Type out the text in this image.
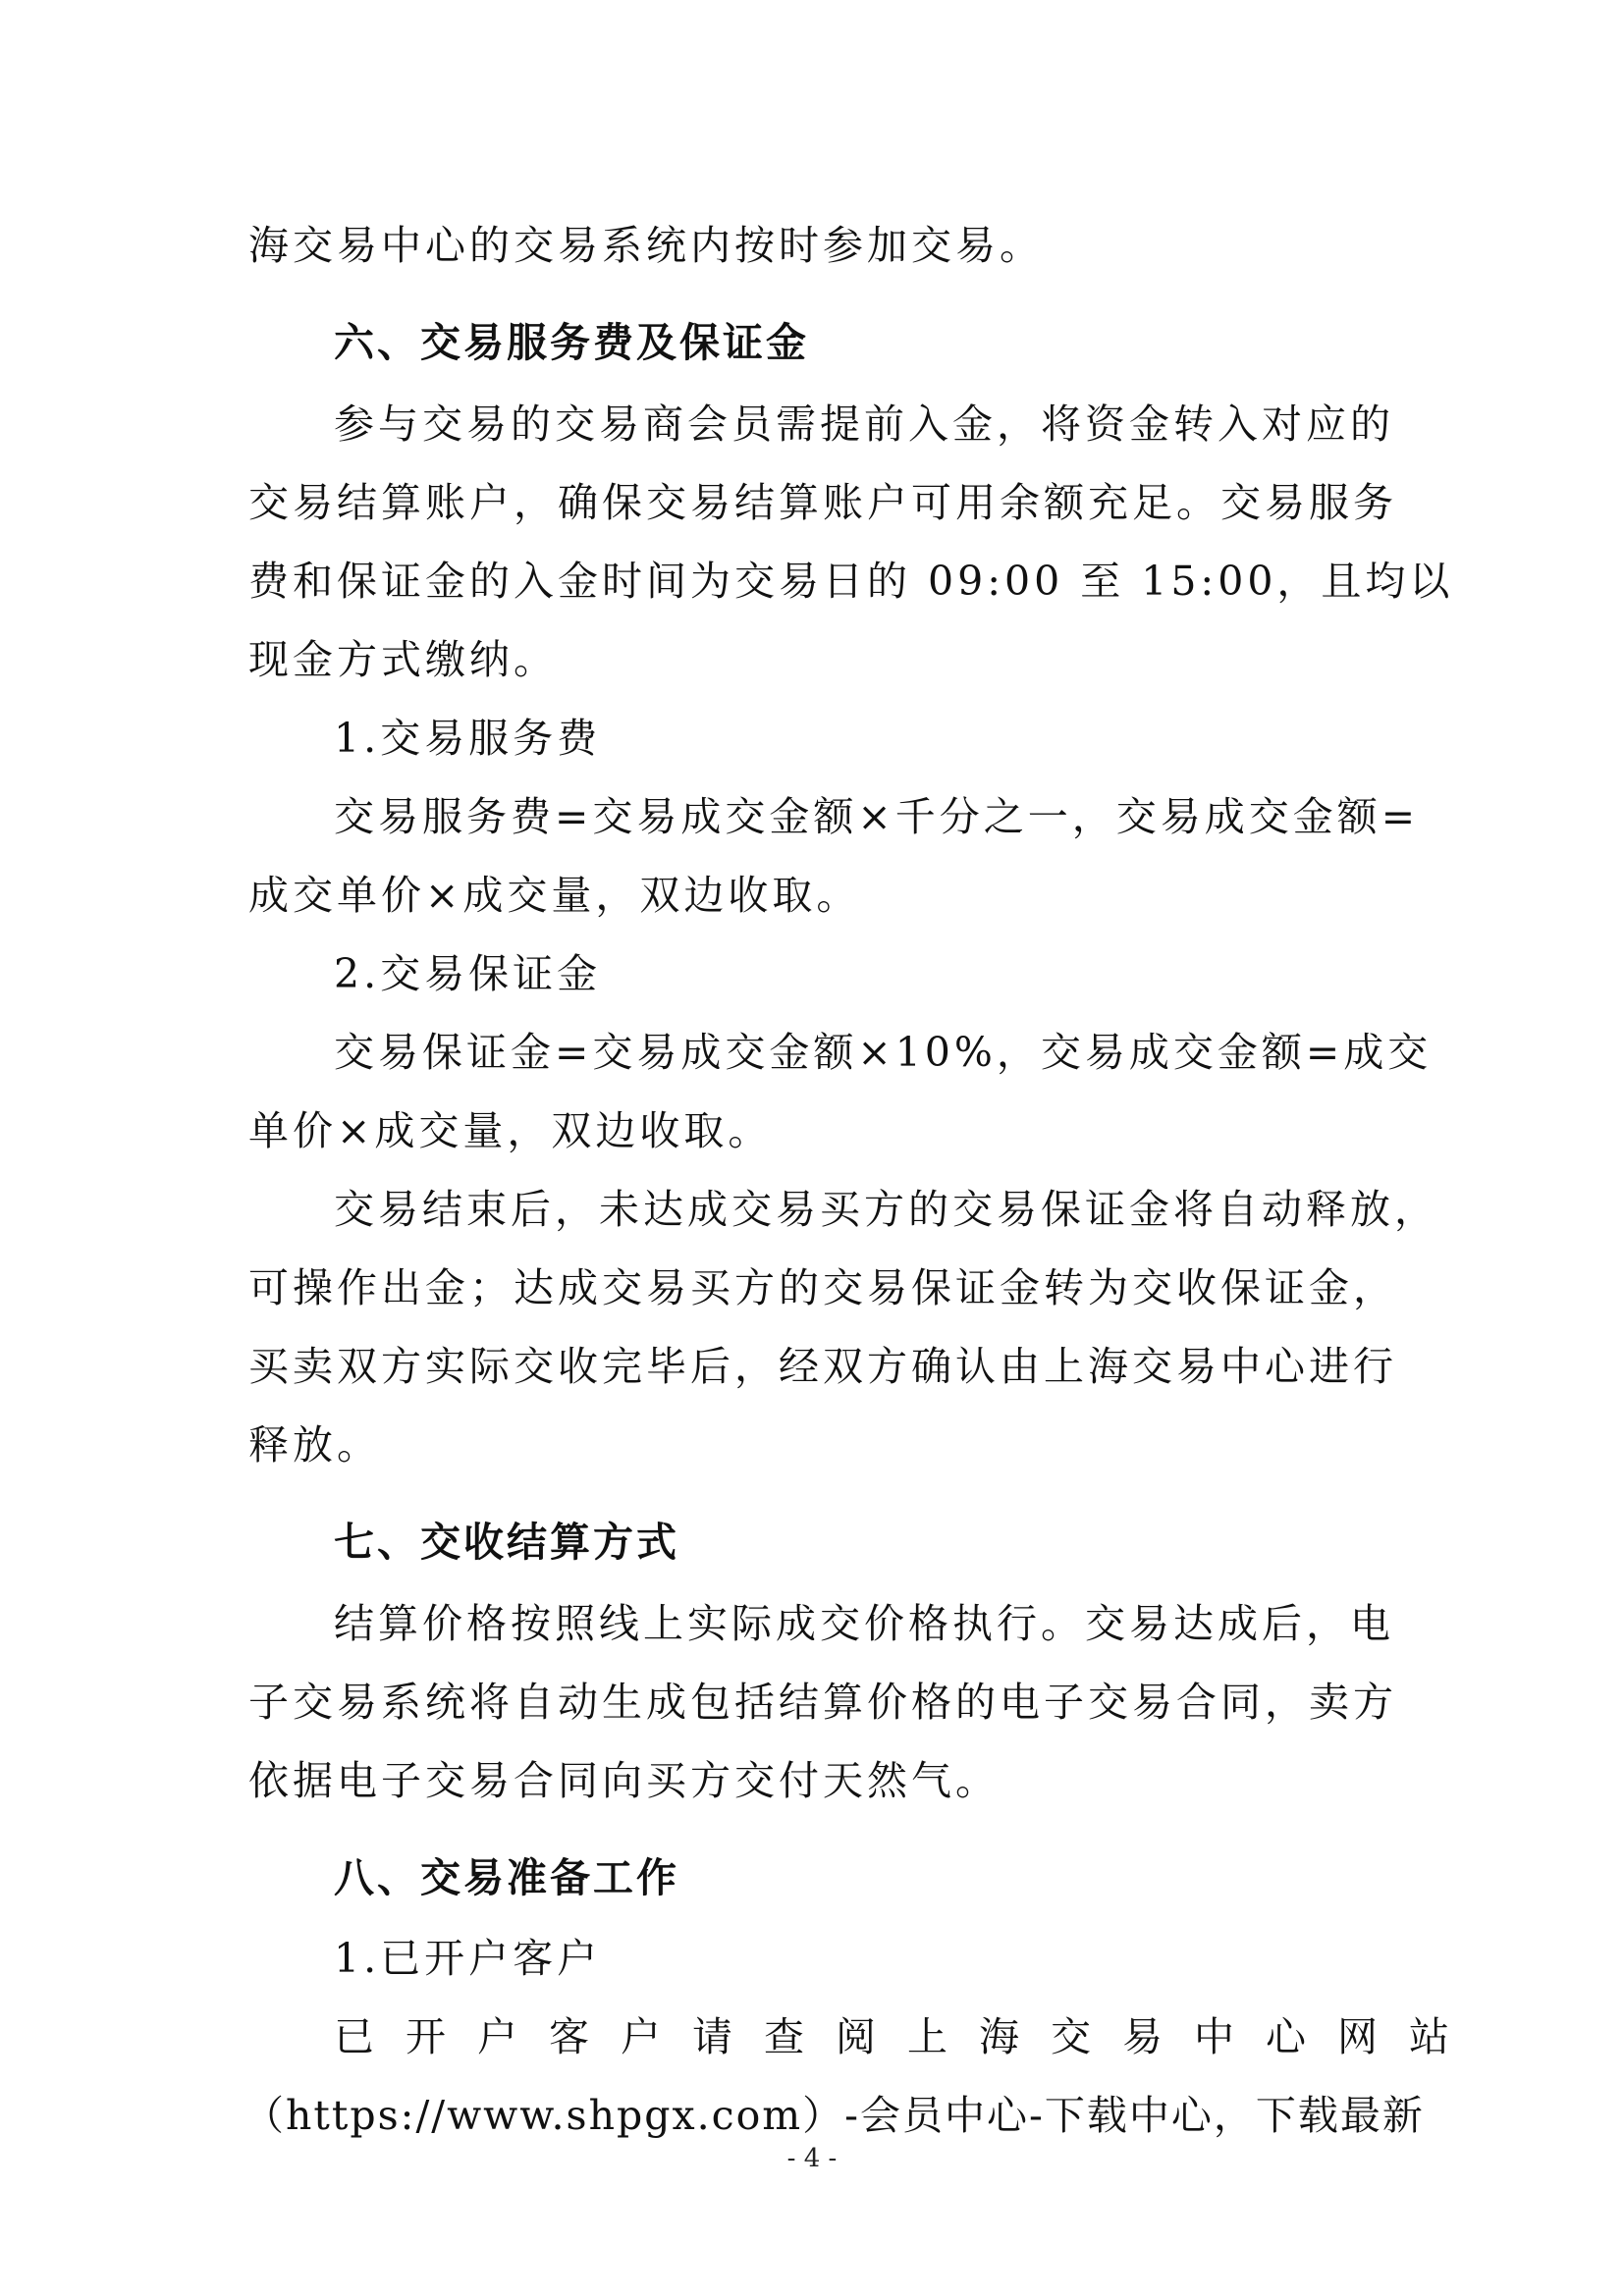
海交易中心的交易系统内按时参加交易。
六、交易服务费及保证金
参与交易的交易商会员需提前入金，将资金转入对应的
交易结算账户，确保交易结算账户可用余额充足。交易服务
费和保证金的入金时间为交易日的 09:00 至 15:00，且均以
现金方式缴纳。
1.交易服务费
交易服务费=交易成交金额×千分之一，交易成交金额=
成交单价×成交量，双边收取。
2.交易保证金
交易保证金=交易成交金额×10%，交易成交金额=成交
单价×成交量，双边收取。
交易结束后，未达成交易买方的交易保证金将自动释放，
可操作出金；达成交易买方的交易保证金转为交收保证金，
买卖双方实际交收完毕后，经双方确认由上海交易中心进行
释放。
七、交收结算方式
结算价格按照线上实际成交价格执行。交易达成后，电
子交易系统将自动生成包括结算价格的电子交易合同，卖方
依据电子交易合同向买方交付天然气。
八、交易准备工作
1.已开户客户
已开户客户请查阅上海交易中心网站
（https://www.shpgx.com）-会员中心-下载中心，下载最新
- 4 -
